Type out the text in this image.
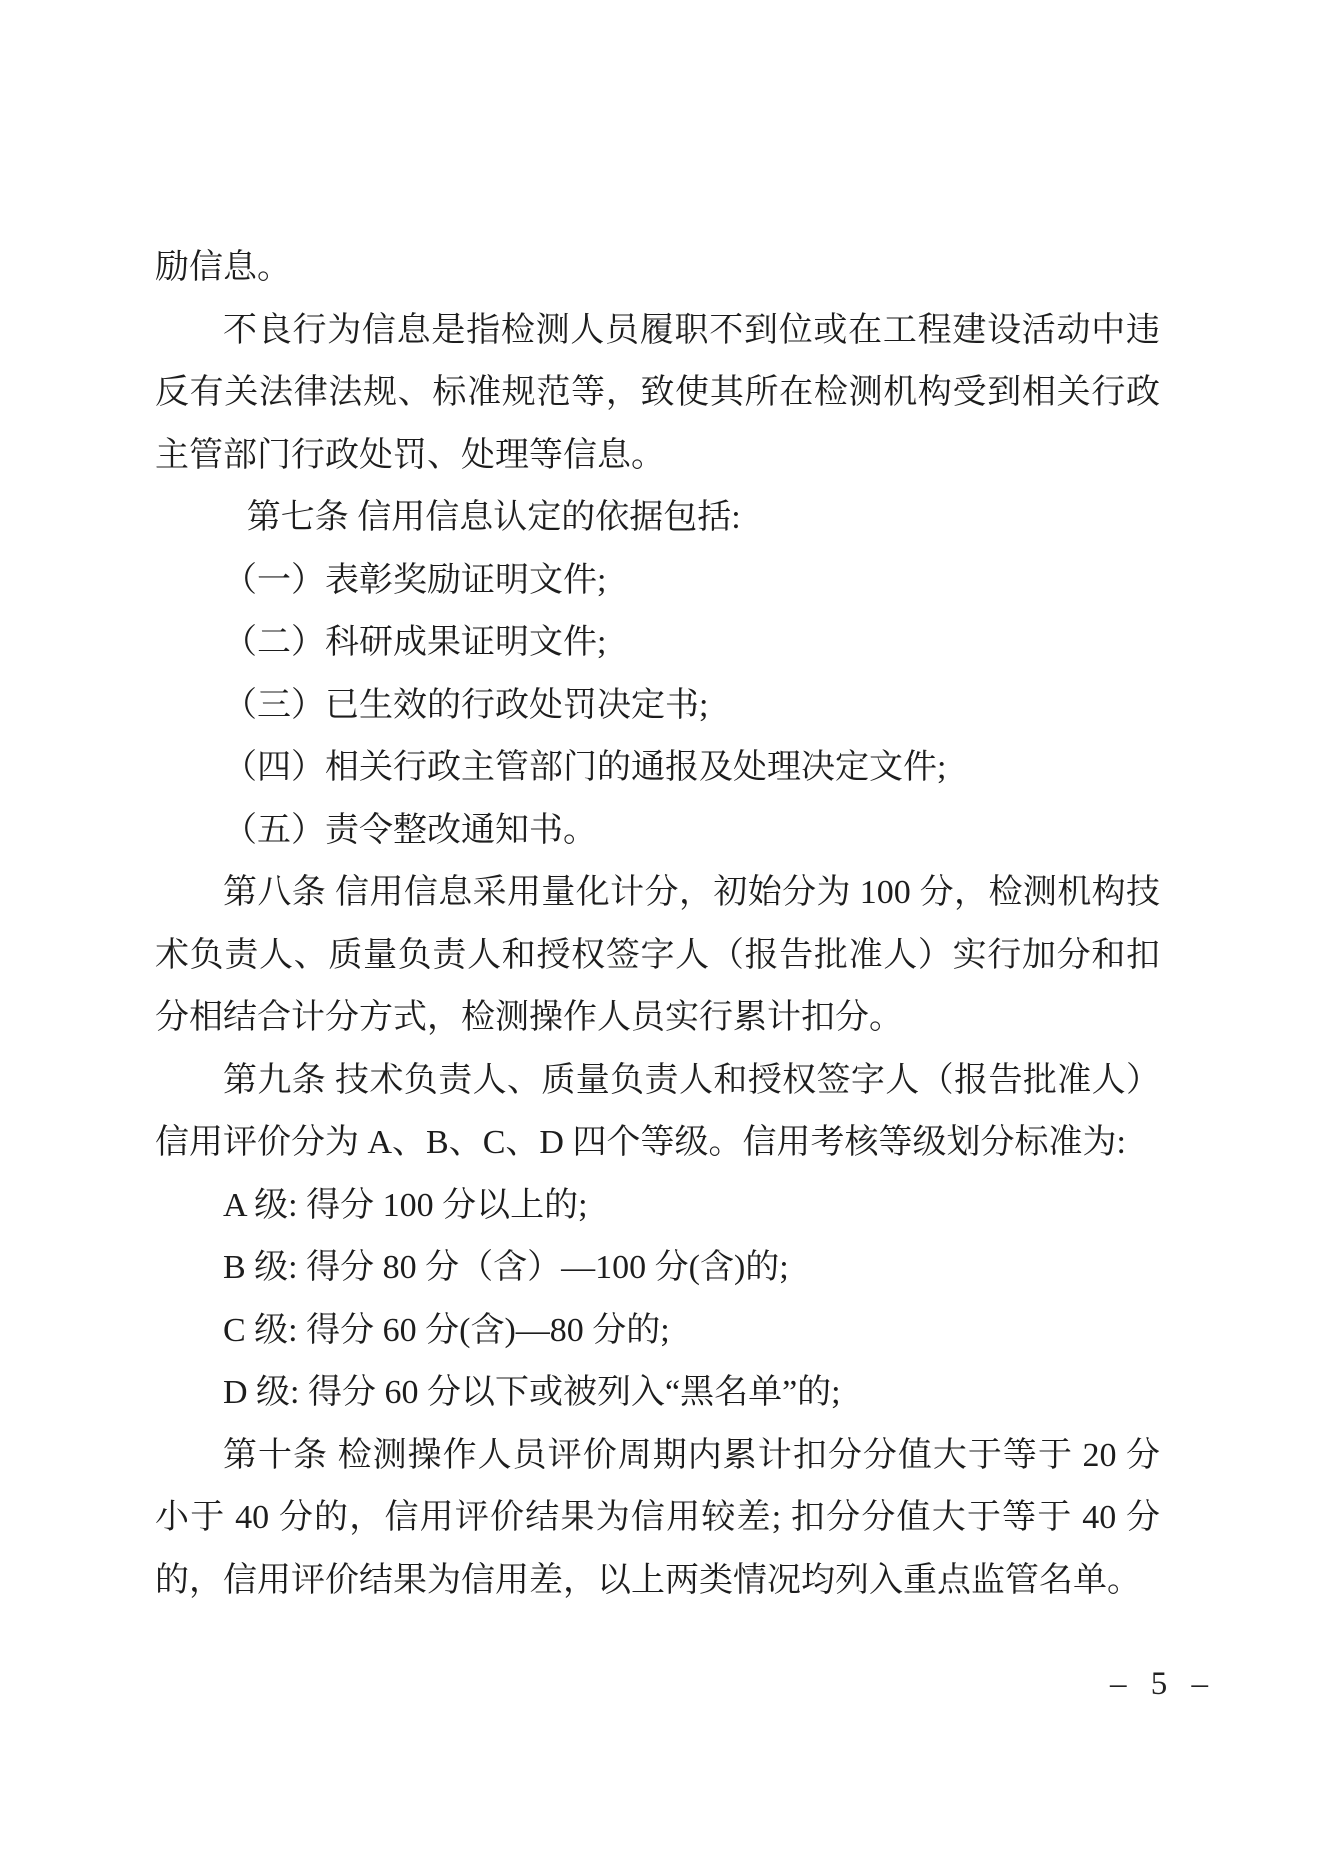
励信息。

不良行为信息是指检测人员履职不到位或在工程建设活动中违反有关法律法规、标准规范等，致使其所在检测机构受到相关行政主管部门行政处罚、处理等信息。

第七条 信用信息认定的依据包括:

（一）表彰奖励证明文件;

（二）科研成果证明文件;

（三）已生效的行政处罚决定书;

（四）相关行政主管部门的通报及处理决定文件;

（五）责令整改通知书。

第八条 信用信息采用量化计分，初始分为 100 分，检测机构技术负责人、质量负责人和授权签字人（报告批准人）实行加分和扣分相结合计分方式，检测操作人员实行累计扣分。

第九条 技术负责人、质量负责人和授权签字人（报告批准人）信用评价分为 A、B、C、D 四个等级。信用考核等级划分标准为:

A 级: 得分 100 分以上的;

B 级: 得分 80 分（含）—100 分(含)的;

C 级: 得分 60 分(含)—80 分的;

D 级: 得分 60 分以下或被列入“黑名单”的;

第十条 检测操作人员评价周期内累计扣分分值大于等于 20 分小于 40 分的，信用评价结果为信用较差; 扣分分值大于等于 40 分的，信用评价结果为信用差，以上两类情况均列入重点监管名单。

– 5 –
